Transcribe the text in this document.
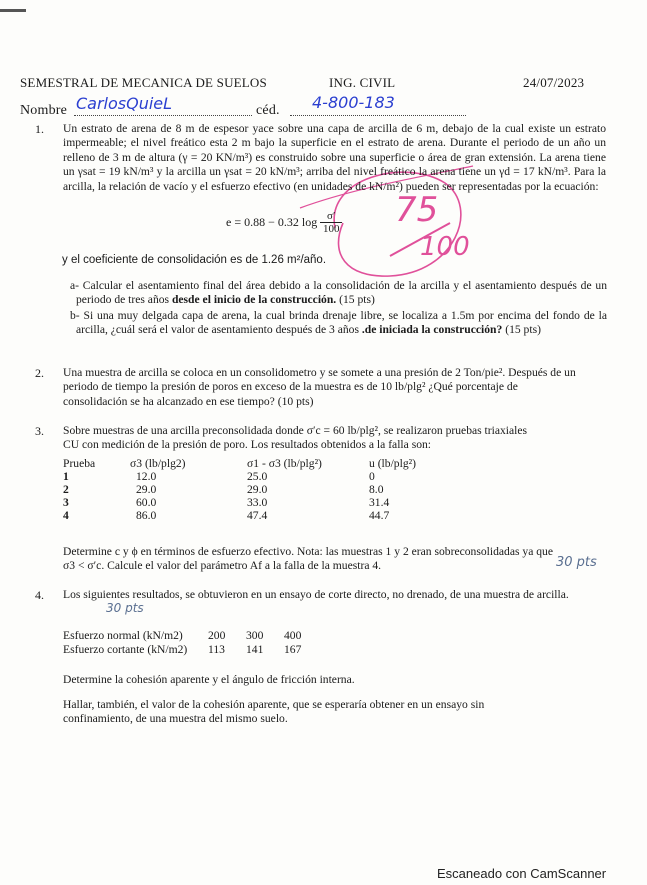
SEMESTRAL DE MECANICA DE SUELOS	ING. CIVIL	24/07/2023
Nombre CarlosQuieL	céd. 4-800-183
75
100
1. Un estrato de arena de 8 m de espesor yace sobre una capa de arcilla de 6 m, debajo de la cual existe un estrato impermeable; el nivel freático esta 2 m bajo la superficie en el estrato de arena. Durante el periodo de un año un relleno de 3 m de altura (γ = 20 KN/m³) es construido sobre una superficie o área de gran extensión. La arena tiene un γsat = 19 kN/m³ y la arcilla un γsat = 20 kN/m³; arriba del nivel freático la arena tiene un γd = 17 kN/m³. Para la arcilla, la relación de vacío y el esfuerzo efectivo (en unidades de kN/m²) pueden ser representadas por la ecuación:

e = 0.88 − 0.32 log σ′
100
y el coeficiente de consolidación es de 1.26 m²/año.

a- Calcular el asentamiento final del área debido a la consolidación de la arcilla y el asentamiento después de un periodo de tres años desde el inicio de la construcción. (15 pts)

b- Si una muy delgada capa de arena, la cual brinda drenaje libre, se localiza a 1.5m por encima del fondo de la arcilla, ¿cuál será el valor de asentamiento después de 3 años .de iniciada la construcción? (15 pts)

2. Una muestra de arcilla se coloca en un consolidometro y se somete a una presión de 2 Ton/pie². Después de un periodo de tiempo la presión de poros en exceso de la muestra es de 10 lb/plg² ¿Qué porcentaje de consolidación se ha alcanzado en ese tiempo? (10 pts)

3. Sobre muestras de una arcilla preconsolidada donde σ′c = 60 lb/plg², se realizaron pruebas triaxiales CU con medición de la presión de poro. Los resultados obtenidos a la falla son:

Prueba	σ3 (lb/plg2)	σ1 - σ3 (lb/plg²)	u (lb/plg²)
1	12.0	25.0	0
2	29.0	29.0	8.0
3	60.0	33.0	31.4
4	86.0	47.4	44.7
Determine c y ϕ en términos de esfuerzo efectivo. Nota: las muestras 1 y 2 eran sobreconsolidadas ya que σ3 < σ′c. Calcule el valor del parámetro Af a la falla de la muestra 4.	30 pts
4. Los siguientes resultados, se obtuvieron en un ensayo de corte directo, no drenado, de una muestra de arcilla.

30 pts
Esfuerzo normal (kN/m2)	200	300	400
Esfuerzo cortante (kN/m2)	113	141	167
Determine la cohesión aparente y el ángulo de fricción interna.
Hallar, también, el valor de la cohesión aparente, que se esperaría obtener en un ensayo sin confinamiento, de una muestra del mismo suelo.
Escaneado con CamScanner
